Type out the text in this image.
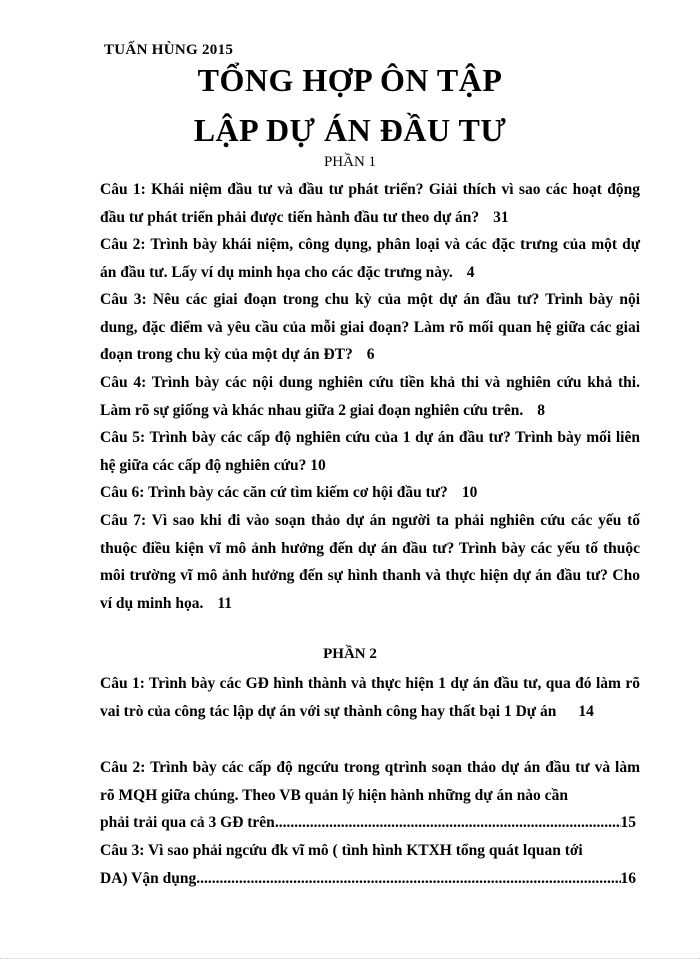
TUẤN HÙNG 2015
TỔNG HỢP ÔN TẬP
LẬP DỰ ÁN ĐẦU TƯ
PHẦN 1
Câu 1: Khái niệm đầu tư và đầu tư phát triển? Giải thích vì sao các hoạt động đầu tư phát triển phải được tiến hành đầu tư theo dự án? 31
Câu 2: Trình bày khái niệm, công dụng, phân loại và các đặc trưng của một dự án đầu tư. Lấy ví dụ minh họa cho các đặc trưng này. 4
Câu 3: Nêu các giai đoạn trong chu kỳ của một dự án đầu tư? Trình bày nội dung, đặc điểm và yêu cầu của mỗi giai đoạn? Làm rõ mối quan hệ giữa các giai đoạn trong chu kỳ của một dự án ĐT? 6
Câu 4: Trình bày các nội dung nghiên cứu tiền khả thi và nghiên cứu khả thi. Làm rõ sự giống và khác nhau giữa 2 giai đoạn nghiên cứu trên. 8
Câu 5: Trình bày các cấp độ nghiên cứu của 1 dự án đầu tư? Trình bày mối liên hệ giữa các cấp độ nghiên cứu? 10
Câu 6: Trình bày các căn cứ tìm kiếm cơ hội đầu tư? 10
Câu 7: Vì sao khi đi vào soạn thảo dự án người ta phải nghiên cứu các yếu tố thuộc điều kiện vĩ mô ảnh hưởng đến dự án đầu tư? Trình bày các yếu tố thuộc môi trường vĩ mô ảnh hưởng đến sự hình thanh và thực hiện dự án đầu tư? Cho ví dụ minh họa. 11
PHẦN 2
Câu 1: Trình bày các GĐ hình thành và thực hiện 1 dự án đầu tư, qua đó làm rõ vai trò của công tác lập dự án với sự thành công hay thất bại 1 Dự án 14
Câu 2: Trình bày các cấp độ ngcứu trong qtrình soạn thảo dự án đầu tư và làm rõ MQH giữa chúng. Theo VB quản lý hiện hành những dự án nào cần
phải trải qua cả 3 GĐ trên .....	15
Câu 3: Vì sao phải ngcứu đk vĩ mô ( tình hình KTXH tổng quát lquan tới
DA) Vận dụng .....	16
